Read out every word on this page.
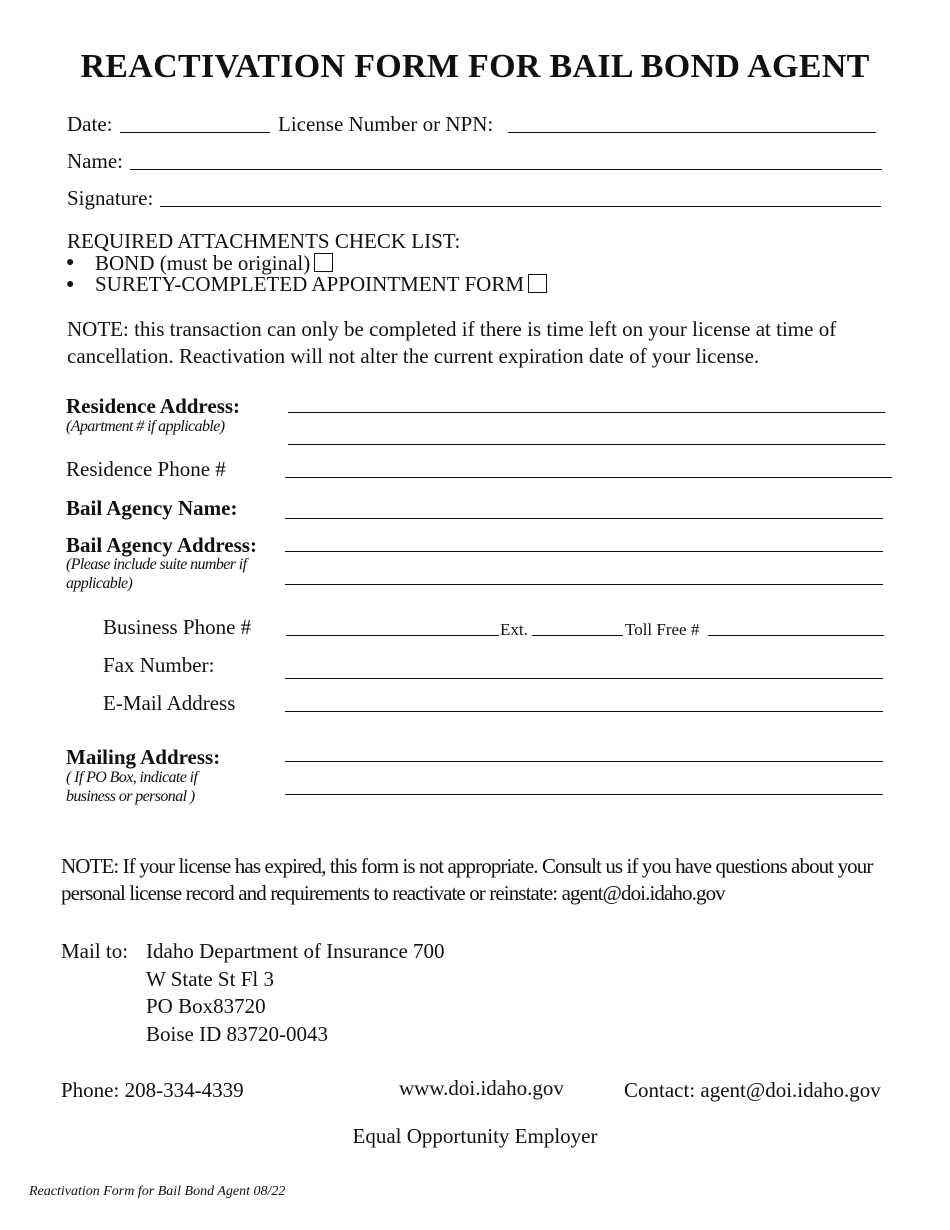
REACTIVATION FORM FOR BAIL BOND AGENT
Date:	License Number or NPN:
Name:
Signature:
REQUIRED ATTACHMENTS CHECK LIST:
● BOND (must be original)
● SURETY-COMPLETED APPOINTMENT FORM
NOTE: this transaction can only be completed if there is time left on your license at time of
cancellation. Reactivation will not alter the current expiration date of your license.
Residence Address:
(Apartment # if applicable)
Residence Phone #
Bail Agency Name:
Bail Agency Address:
(Please include suite number if
applicable)
Business Phone #	Ext.	Toll Free #
Fax Number:
E-Mail Address
Mailing Address:
( If PO Box, indicate if
business or personal )
NOTE: If your license has expired, this form is not appropriate. Consult us if you have questions about your
personal license record and requirements to reactivate or reinstate: agent@doi.idaho.gov
Mail to: Idaho Department of Insurance 700
W State St Fl 3
PO Box83720
Boise ID 83720-0043
Phone: 208-334-4339	www.doi.idaho.gov	Contact: agent@doi.idaho.gov
Equal Opportunity Employer
Reactivation Form for Bail Bond Agent 08/22
